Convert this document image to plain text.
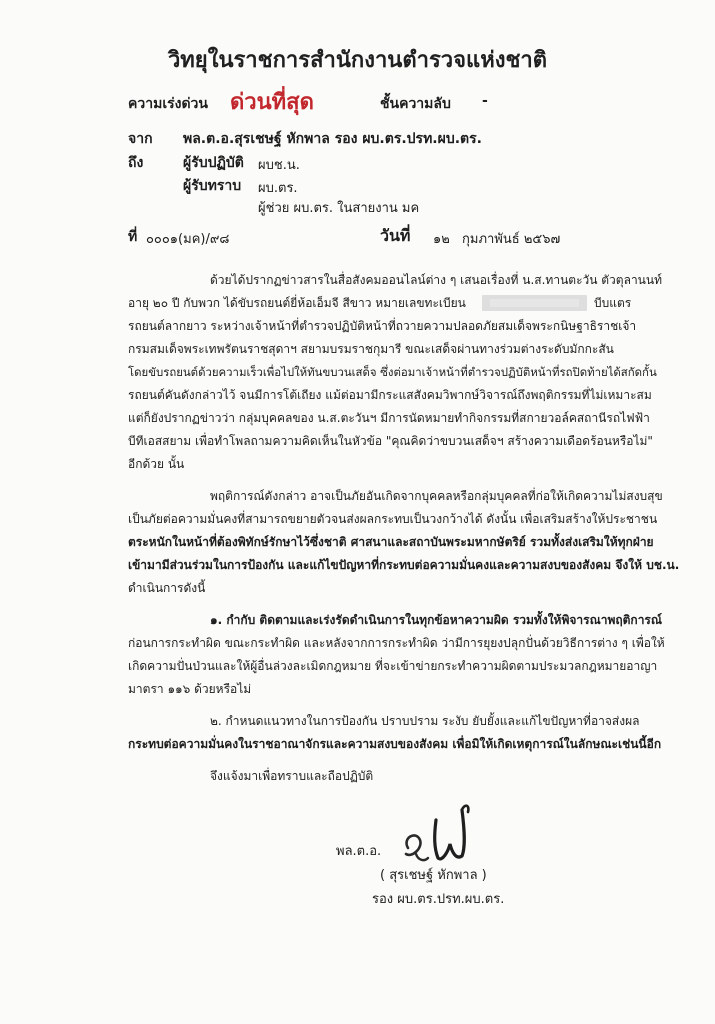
วิทยุในราชการสำนักงานตำรวจแห่งชาติ
ความเร่งด่วน ด่วนที่สุด	ชั้นความลับ -
จาก พล.ต.อ.สุรเชษฐ์ หักพาล รอง ผบ.ตร.ปรท.ผบ.ตร.
ถึง	ผู้รับปฏิบัติ ผบช.น.
ผู้รับทราบ ผบ.ตร.
ผู้ช่วย ผบ.ตร. ในสายงาน มค
ที่ ๐๐๐๑(มค)/๙๘	วันที่ ๑๒ กุมภาพันธ์ ๒๕๖๗
ด้วยได้ปรากฏข่าวสารในสื่อสังคมออนไลน์ต่าง ๆ เสนอเรื่องที่ น.ส.ทานตะวัน ตัวตุลานนท์
อายุ ๒๐ ปี กับพวก ได้ขับรถยนต์ยี่ห้อเอ็มจี สีขาว หมายเลขทะเบียน	บีบแตร
รถยนต์ลากยาว ระหว่างเจ้าหน้าที่ตำรวจปฏิบัติหน้าที่ถวายความปลอดภัยสมเด็จพระกนิษฐาธิราชเจ้า
กรมสมเด็จพระเทพรัตนราชสุดาฯ สยามบรมราชกุมารี ขณะเสด็จผ่านทางร่วมต่างระดับมักกะสัน
โดยขับรถยนต์ด้วยความเร็วเพื่อไปให้ทันขบวนเสด็จ ซึ่งต่อมาเจ้าหน้าที่ตำรวจปฏิบัติหน้าที่รถปิดท้ายได้สกัดกั้น
รถยนต์คันดังกล่าวไว้ จนมีการโต้เถียง แม้ต่อมามีกระแสสังคมวิพากษ์วิจารณ์ถึงพฤติกรรมที่ไม่เหมาะสม
แต่ก็ยังปรากฏข่าวว่า กลุ่มบุคคลของ น.ส.ตะวันฯ มีการนัดหมายทำกิจกรรมที่สกายวอล์คสถานีรถไฟฟ้า
บีทีเอสสยาม เพื่อทำโพลถามความคิดเห็นในหัวข้อ "คุณคิดว่าขบวนเสด็จฯ สร้างความเดือดร้อนหรือไม่"
อีกด้วย นั้น
พฤติการณ์ดังกล่าว อาจเป็นภัยอันเกิดจากบุคคลหรือกลุ่มบุคคลที่ก่อให้เกิดความไม่สงบสุข
เป็นภัยต่อความมั่นคงที่สามารถขยายตัวจนส่งผลกระทบเป็นวงกว้างได้ ดังนั้น เพื่อเสริมสร้างให้ประชาชน
ตระหนักในหน้าที่ต้องพิทักษ์รักษาไว้ซึ่งชาติ ศาสนาและสถาบันพระมหากษัตริย์ รวมทั้งส่งเสริมให้ทุกฝ่าย
เข้ามามีส่วนร่วมในการป้องกัน และแก้ไขปัญหาที่กระทบต่อความมั่นคงและความสงบของสังคม จึงให้ บช.น.
ดำเนินการดังนี้
๑. กำกับ ติดตามและเร่งรัดดำเนินการในทุกข้อหาความผิด รวมทั้งให้พิจารณาพฤติการณ์
ก่อนการกระทำผิด ขณะกระทำผิด และหลังจากการกระทำผิด ว่ามีการยุยงปลุกปั่นด้วยวิธีการต่าง ๆ เพื่อให้
เกิดความปั่นป่วนและให้ผู้อื่นล่วงละเมิดกฎหมาย ที่จะเข้าข่ายกระทำความผิดตามประมวลกฎหมายอาญา
มาตรา ๑๑๖ ด้วยหรือไม่
๒. กำหนดแนวทางในการป้องกัน ปราบปราม ระงับ ยับยั้งและแก้ไขปัญหาที่อาจส่งผล
กระทบต่อความมั่นคงในราชอาณาจักรและความสงบของสังคม เพื่อมิให้เกิดเหตุการณ์ในลักษณะเช่นนี้อีก
จึงแจ้งมาเพื่อทราบและถือปฏิบัติ
พล.ต.อ.
( สุรเชษฐ์ หักพาล )
รอง ผบ.ตร.ปรท.ผบ.ตร.
